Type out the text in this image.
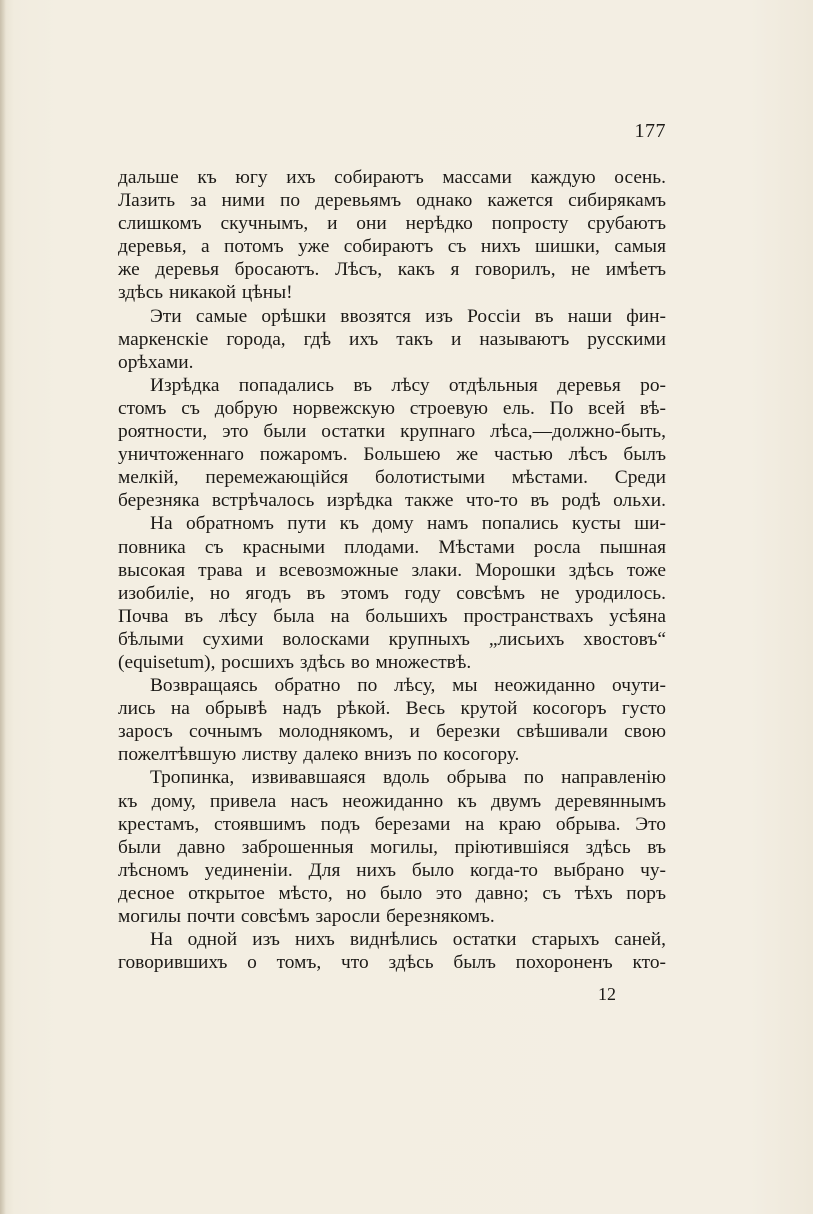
177
дальше къ югу ихъ собираютъ массами каждую осень.
Лазить за ними по деревьямъ однако кажется сибирякамъ
слишкомъ скучнымъ, и они нерѣдко попросту срубаютъ
деревья, а потомъ уже собираютъ съ нихъ шишки, самыя
же деревья бросаютъ. Лѣсъ, какъ я говорилъ, не имѣетъ
здѣсь никакой цѣны!
Эти самые орѣшки ввозятся изъ Россіи въ наши фин-
маркенскіе города, гдѣ ихъ такъ и называютъ русскими
орѣхами.
Изрѣдка попадались въ лѣсу отдѣльныя деревья ро-
стомъ съ добрую норвежскую строевую ель. По всей вѣ-
роятности, это были остатки крупнаго лѣса,—должно-быть,
уничтоженнаго пожаромъ. Большею же частью лѣсъ былъ
мелкій, перемежающійся болотистыми мѣстами. Среди
березняка встрѣчалось изрѣдка также что-то въ родѣ ольхи.
На обратномъ пути къ дому намъ попались кусты ши-
повника съ красными плодами. Мѣстами росла пышная
высокая трава и всевозможные злаки. Морошки здѣсь тоже
изобиліе, но ягодъ въ этомъ году совсѣмъ не уродилось.
Почва въ лѣсу была на большихъ пространствахъ усѣяна
бѣлыми сухими волосками крупныхъ „лисьихъ хвостовъ“
(equisetum), росшихъ здѣсь во множествѣ.
Возвращаясь обратно по лѣсу, мы неожиданно очути-
лись на обрывѣ надъ рѣкой. Весь крутой косогоръ густо
заросъ сочнымъ молоднякомъ, и березки свѣшивали свою
пожелтѣвшую листву далеко внизъ по косогору.
Тропинка, извивавшаяся вдоль обрыва по направленію
къ дому, привела насъ неожиданно къ двумъ деревяннымъ
крестамъ, стоявшимъ подъ березами на краю обрыва. Это
были давно заброшенныя могилы, пріютившіяся здѣсь въ
лѣсномъ уединеніи. Для нихъ было когда-то выбрано чу-
десное открытое мѣсто, но было это давно; съ тѣхъ поръ
могилы почти совсѣмъ заросли березнякомъ.
На одной изъ нихъ виднѣлись остатки старыхъ саней,
говорившихъ о томъ, что здѣсь былъ похороненъ кто-
12
